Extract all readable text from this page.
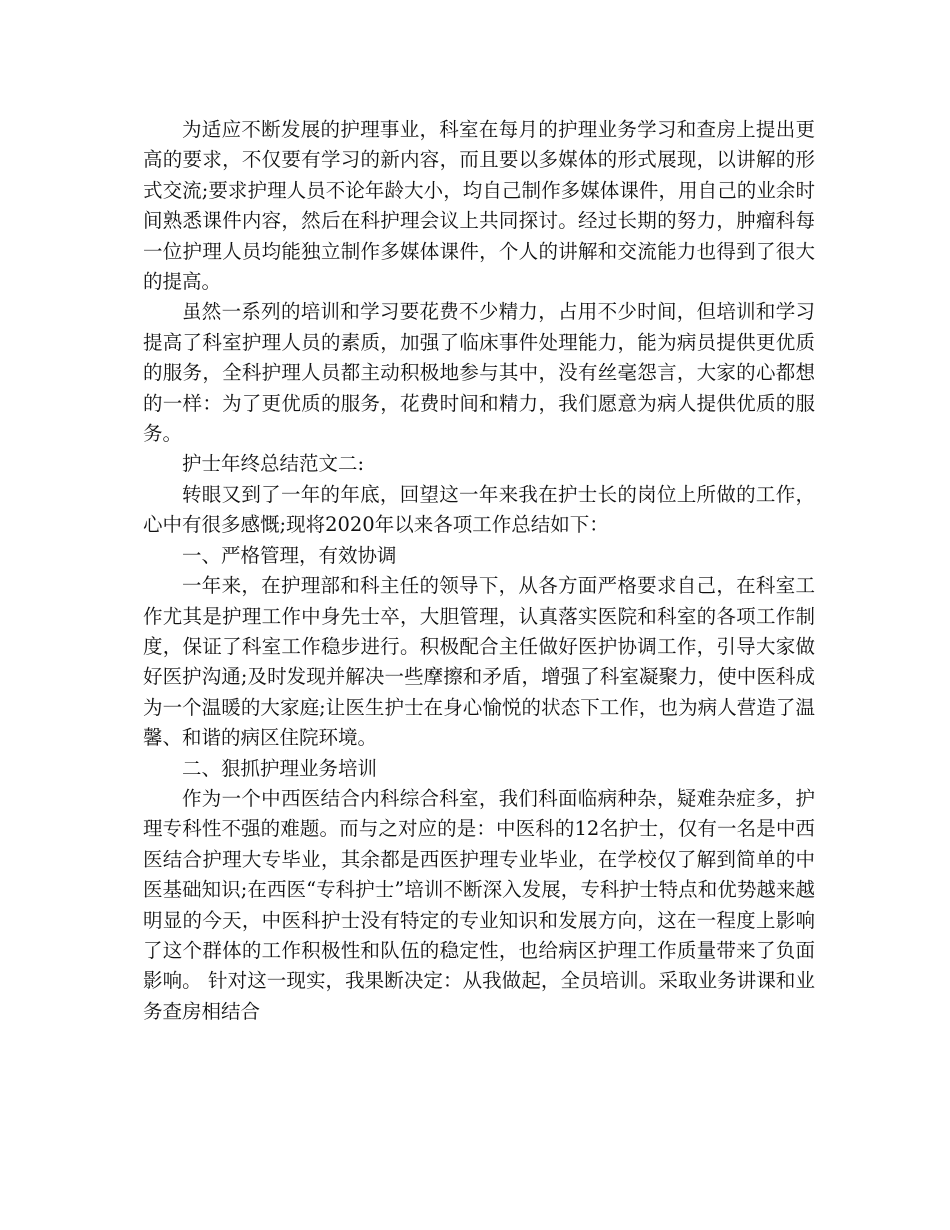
为适应不断发展的护理事业，科室在每月的护理业务学习和查房上提出更高的要求，不仅要有学习的新内容，而且要以多媒体的形式展现，以讲解的形式交流;要求护理人员不论年龄大小，均自己制作多媒体课件，用自己的业余时间熟悉课件内容，然后在科护理会议上共同探讨。经过长期的努力，肿瘤科每一位护理人员均能独立制作多媒体课件，个人的讲解和交流能力也得到了很大的提高。

虽然一系列的培训和学习要花费不少精力，占用不少时间，但培训和学习提高了科室护理人员的素质，加强了临床事件处理能力，能为病员提供更优质的服务，全科护理人员都主动积极地参与其中，没有丝毫怨言，大家的心都想的一样：为了更优质的服务，花费时间和精力，我们愿意为病人提供优质的服务。

护士年终总结范文二:

转眼又到了一年的年底，回望这一年来我在护士长的岗位上所做的工作，心中有很多感慨;现将2020年以来各项工作总结如下：

一、严格管理，有效协调

一年来，在护理部和科主任的领导下，从各方面严格要求自己，在科室工作尤其是护理工作中身先士卒，大胆管理，认真落实医院和科室的各项工作制度，保证了科室工作稳步进行。积极配合主任做好医护协调工作，引导大家做好医护沟通;及时发现并解决一些摩擦和矛盾，增强了科室凝聚力，使中医科成为一个温暖的大家庭;让医生护士在身心愉悦的状态下工作，也为病人营造了温馨、和谐的病区住院环境。

二、狠抓护理业务培训

作为一个中西医结合内科综合科室，我们科面临病种杂，疑难杂症多，护理专科性不强的难题。而与之对应的是：中医科的12名护士，仅有一名是中西医结合护理大专毕业，其余都是西医护理专业毕业，在学校仅了解到简单的中医基础知识;在西医“专科护士”培训不断深入发展，专科护士特点和优势越来越明显的今天，中医科护士没有特定的专业知识和发展方向，这在一程度上影响了这个群体的工作积极性和队伍的稳定性，也给病区护理工作质量带来了负面影响。 针对这一现实，我果断决定：从我做起，全员培训。采取业务讲课和业务查房相结合
